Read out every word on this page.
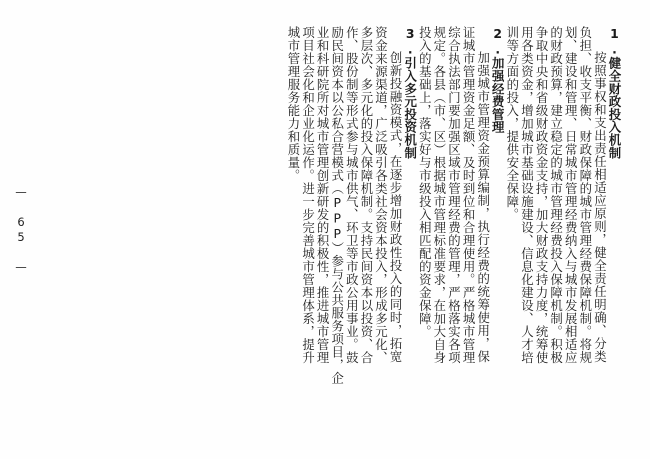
1.健全财政投入机制
按照事权和支出责任相适应原则，健全责任明确、分类
负担、收支平衡、财政保障的城市管理经费保障机制。将规
划、建设和管理、日常城市管理经费纳入与城市发展相适应
的财政预算，建立稳定的城市管理经费投入保障机制。积极
争取中央和省级财政资金支持，加大财政支持力度，统筹使
用各类资金，增加城市基础设施建设、信息化建设、人才培
训等方面的投入，提供安全保障。
2.加强经费管理
加强城市管理资金预算编制，执行经费的统筹使用，保
证城市管理资金足额、及时到位和合理使用。严格城市管理
综合执法部门要加强区域市管理经费的管理，严格落实各项
规定。各县（市、区）根据城市管理标准要求，在加大自身
投入的基础上，落实好与市级投入相匹配的资金保障。
3.引入多元投资机制
创新投融资模式，在逐步增加财政性投入的同时，拓宽
资金来源渠道，广泛吸引各类社会资本投入，形成多元化、
多层次、多元化的投入保障机制。支持民间资本以投资、合
作、股份制等形式参与城市供气、环卫等市政公用事业。鼓
励民间资本以公私合营模式（PPP）参与公共服务项目，企
业和科研院所对城市管理创新研发的积极性，推进城市管理
项目社会化和企业化运作。进一步完善城市管理体系，提升
城市管理服务能力和质量。
— 65 —
